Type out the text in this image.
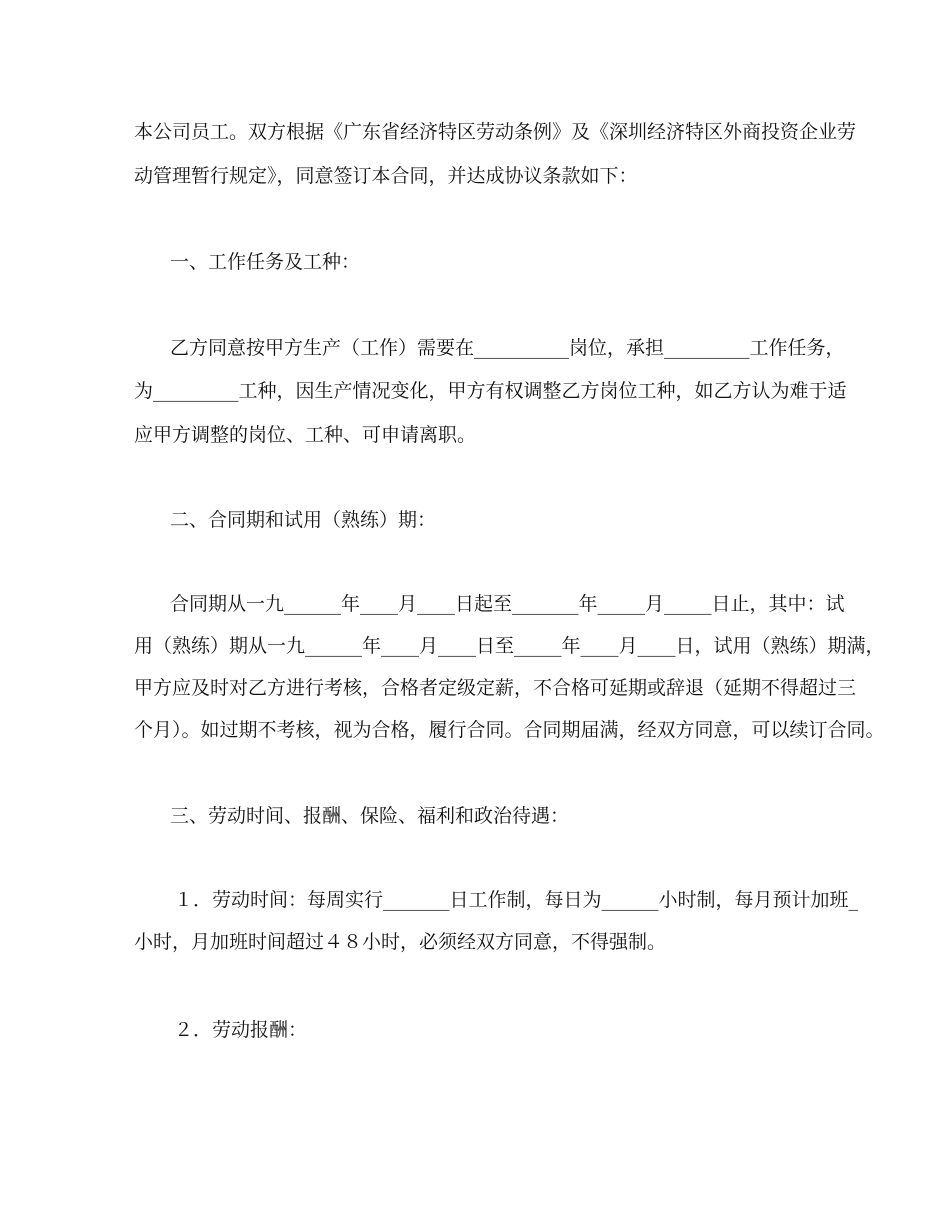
本公司员工。双方根据《广东省经济特区劳动条例》及《深圳经济特区外商投资企业劳
动管理暂行规定》，同意签订本合同，并达成协议条款如下：
一、工作任务及工种：
乙方同意按甲方生产（工作）需要在__________岗位，承担_________工作任务，
为_________工种，因生产情况变化，甲方有权调整乙方岗位工种，如乙方认为难于适
应甲方调整的岗位、工种、可申请离职。
二、合同期和试用（熟练）期：
合同期从一九______年____月____日起至_______年_____月_____日止，其中：试
用（熟练）期从一九______年____月____日至_____年____月____日，试用（熟练）期满，
甲方应及时对乙方进行考核，合格者定级定薪，不合格可延期或辞退（延期不得超过三
个月）。如过期不考核，视为合格，履行合同。合同期届满，经双方同意，可以续订合同。
三、劳动时间、报酬、保险、福利和政治待遇：
１．劳动时间：每周实行_______日工作制，每日为______小时制，每月预计加班_
小时，月加班时间超过４８小时，必须经双方同意，不得强制。
２．劳动报酬：
